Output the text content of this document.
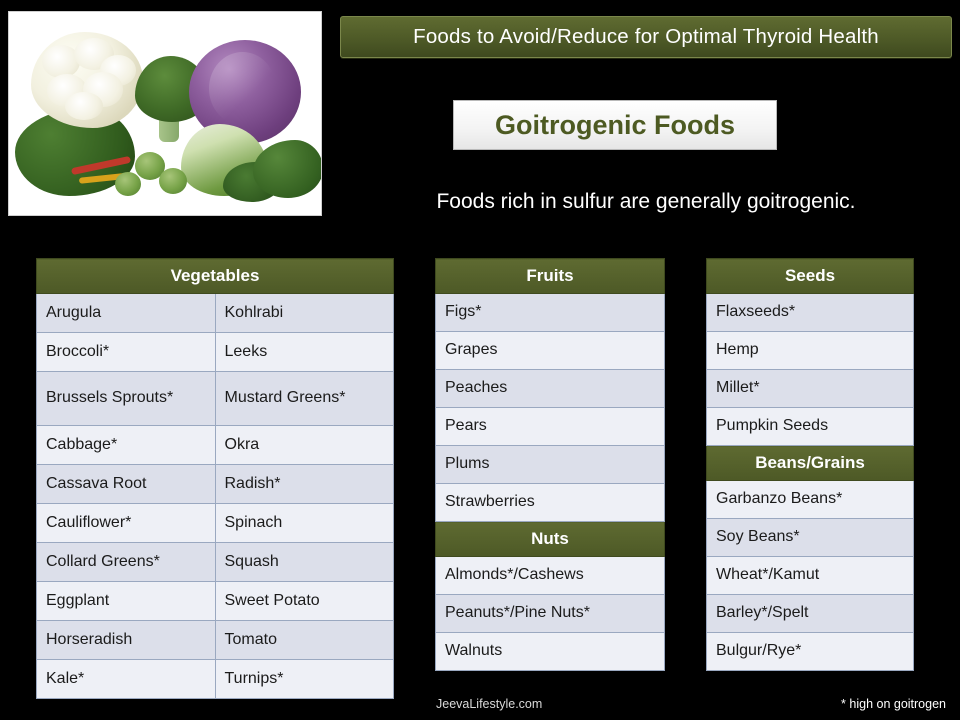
Foods to Avoid/Reduce for Optimal Thyroid Health
Goitrogenic Foods
Foods rich in sulfur are generally goitrogenic.
Vegetables	
Arugula	Kohlrabi
Broccoli*	Leeks
Brussels Sprouts*	Mustard Greens*
Cabbage*	Okra
Cassava Root	Radish*
Cauliflower*	Spinach
Collard Greens*	Squash
Eggplant	Sweet Potato
Horseradish	Tomato
Kale*	Turnips*
Fruits
Figs*
Grapes
Peaches
Pears
Plums
Strawberries
Nuts
Almonds*/Cashews
Peanuts*/Pine Nuts*
Walnuts
Seeds
Flaxseeds*
Hemp
Millet*
Pumpkin Seeds
Beans/Grains
Garbanzo Beans*
Soy Beans*
Wheat*/Kamut
Barley*/Spelt
Bulgur/Rye*
JeevaLifestyle.com	* high on goitrogen
